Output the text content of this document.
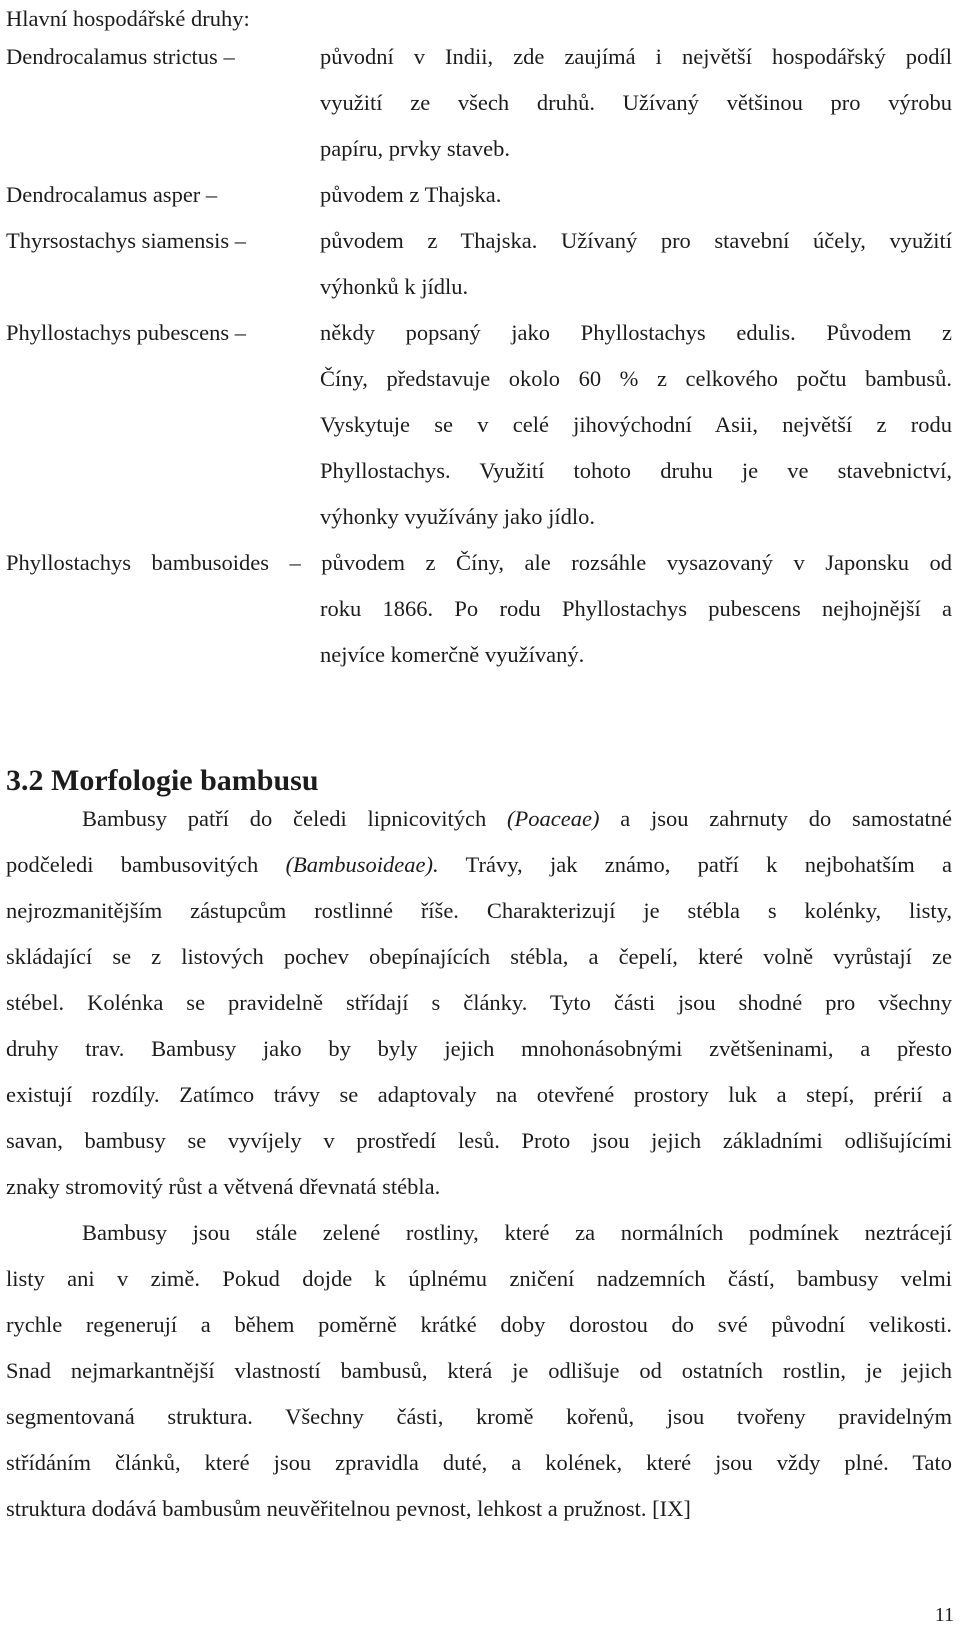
Hlavní hospodářské druhy:
Dendrocalamus strictus –	původní v Indii, zde zaujímá i největší hospodářský podíl
využití ze všech druhů. Užívaný většinou pro výrobu
papíru, prvky staveb.
Dendrocalamus asper –	původem z Thajska.
Thyrsostachys siamensis –	původem z Thajska. Užívaný pro stavební účely, využití
výhonků k jídlu.
Phyllostachys pubescens –	někdy popsaný jako Phyllostachys edulis. Původem z
Číny, představuje okolo 60 % z celkového počtu bambusů.
Vyskytuje se v celé jihovýchodní Asii, největší z rodu
Phyllostachys. Využití tohoto druhu je ve stavebnictví,
výhonky využívány jako jídlo.
Phyllostachys bambusoides – původem z Číny, ale rozsáhle vysazovaný v Japonsku od
roku 1866. Po rodu Phyllostachys pubescens nejhojnější a
nejvíce komerčně využívaný.
3.2 Morfologie bambusu
Bambusy patří do čeledi lipnicovitých (Poaceae) a jsou zahrnuty do samostatné
podčeledi bambusovitých (Bambusoideae). Trávy, jak známo, patří k nejbohatším a
nejrozmanitějším zástupcům rostlinné říše. Charakterizují je stébla s kolénky, listy,
skládající se z listových pochev obepínajících stébla, a čepelí, které volně vyrůstají ze
stébel. Kolénka se pravidelně střídají s články. Tyto části jsou shodné pro všechny
druhy trav. Bambusy jako by byly jejich mnohonásobnými zvětšeninami, a přesto
existují rozdíly. Zatímco trávy se adaptovaly na otevřené prostory luk a stepí, prérií a
savan, bambusy se vyvíjely v prostředí lesů. Proto jsou jejich základními odlišujícími
znaky stromovitý růst a větvená dřevnatá stébla.
Bambusy jsou stále zelené rostliny, které za normálních podmínek neztrácejí
listy ani v zimě. Pokud dojde k úplnému zničení nadzemních částí, bambusy velmi
rychle regenerují a během poměrně krátké doby dorostou do své původní velikosti.
Snad nejmarkantnější vlastností bambusů, která je odlišuje od ostatních rostlin, je jejich
segmentovaná struktura. Všechny části, kromě kořenů, jsou tvořeny pravidelným
střídáním článků, které jsou zpravidla duté, a kolének, které jsou vždy plné. Tato
struktura dodává bambusům neuvěřitelnou pevnost, lehkost a pružnost. [IX]
11
